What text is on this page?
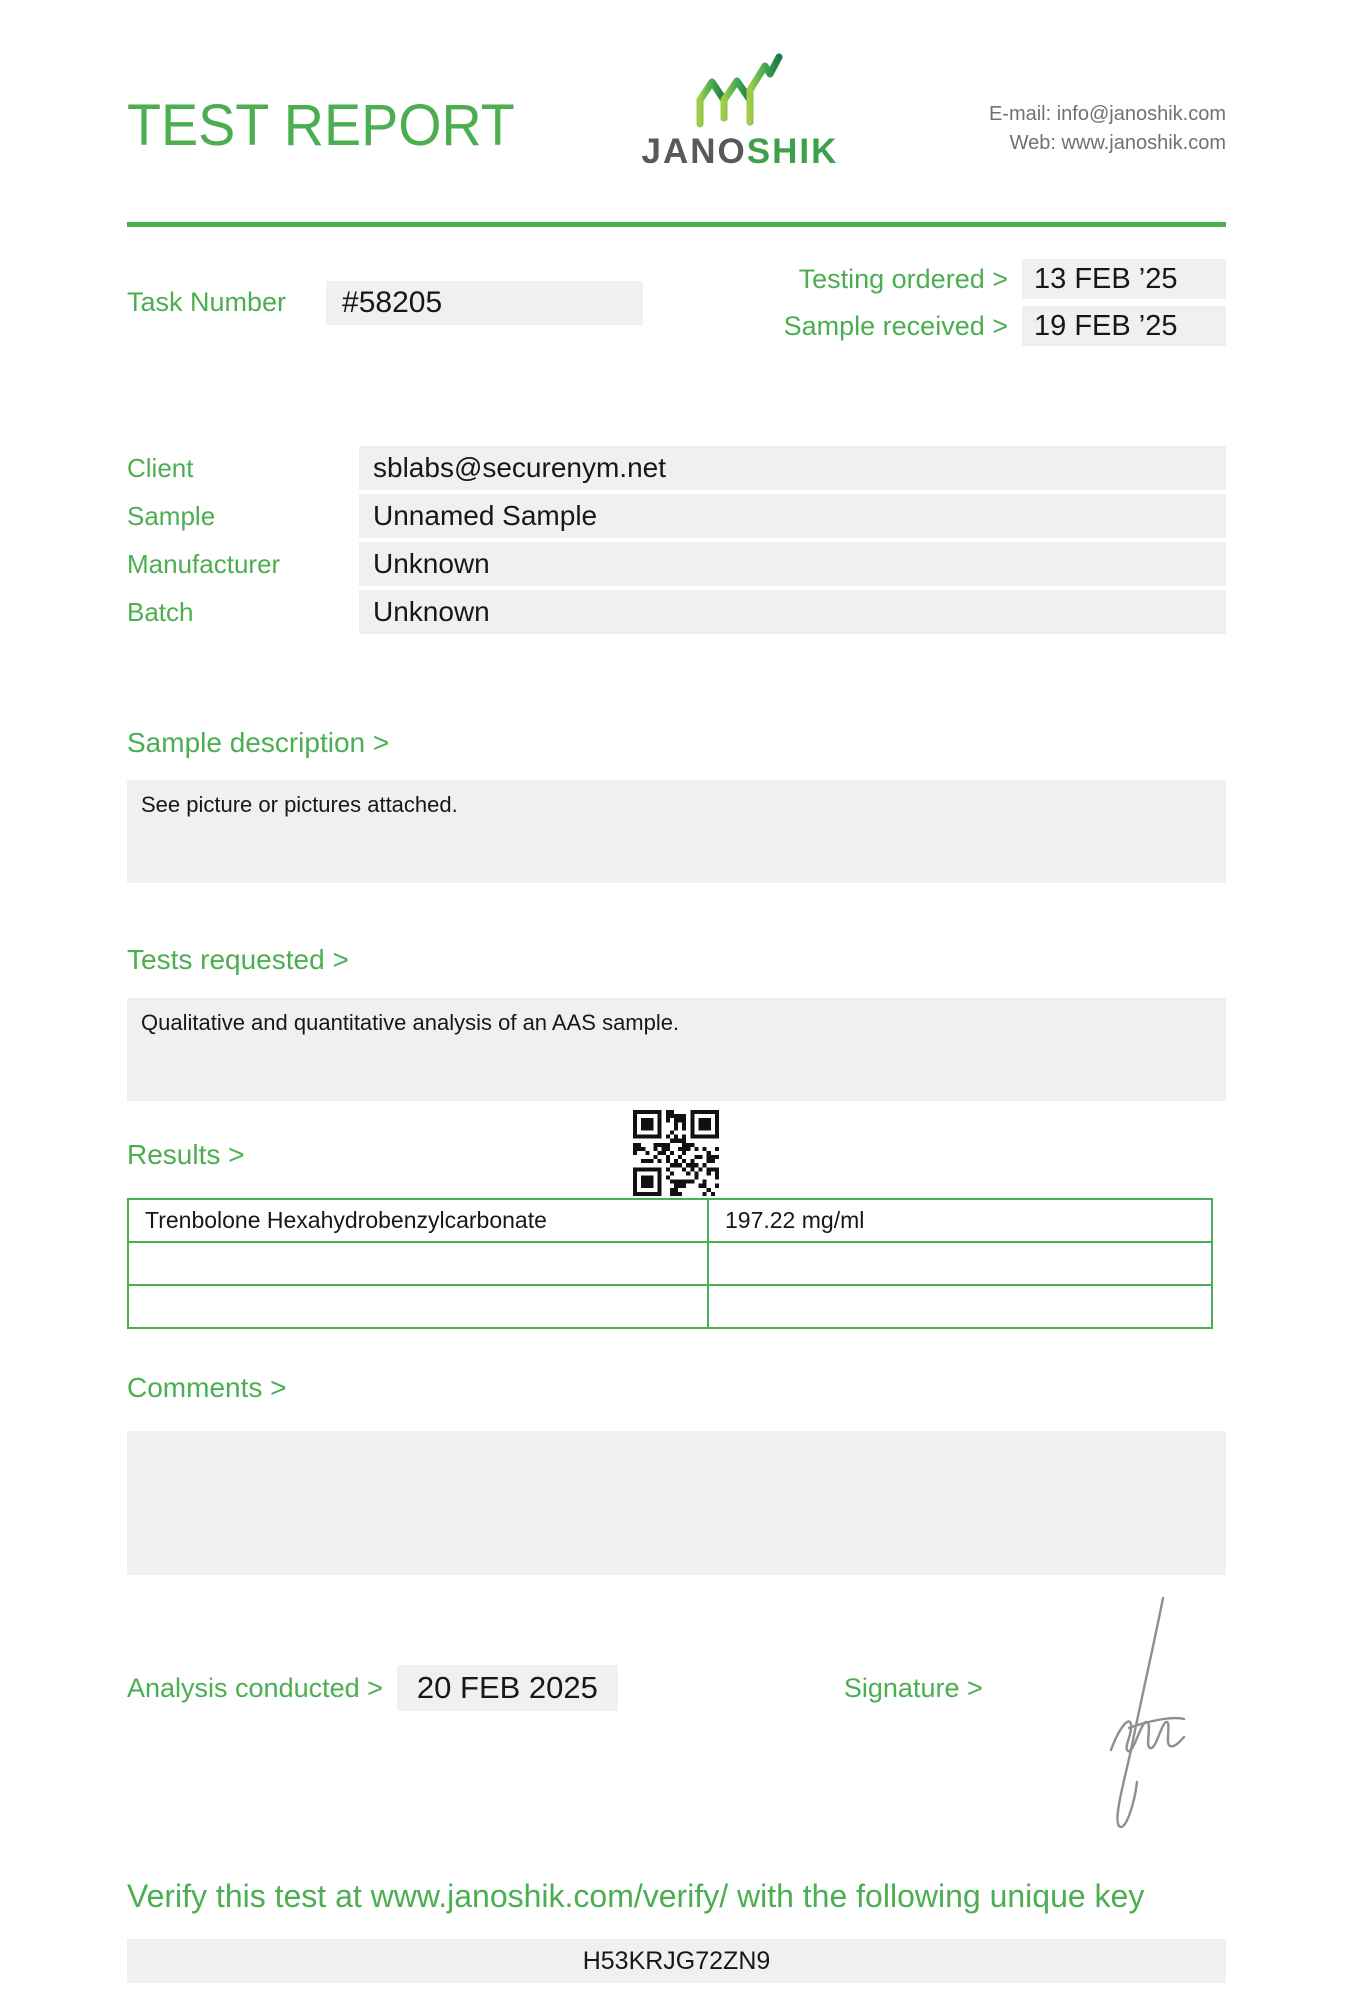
TEST REPORT	JANOSHIK
E-mail: info@janoshik.com
Web: www.janoshik.com
Task Number	#58205
Testing ordered > 13 FEB ’25
Sample received > 19 FEB ’25
Client	sblabs@securenym.net
Sample	Unnamed Sample
Manufacturer	Unknown
Batch	Unknown
Sample description >
See picture or pictures attached.
Tests requested >
Qualitative and quantitative analysis of an AAS sample.
Results >
Trenbolone Hexahydrobenzylcarbonate	197.22 mg/ml

Comments >
Analysis conducted >	20 FEB 2025	Signature >
Verify this test at www.janoshik.com/verify/ with the following unique key
H53KRJG72ZN9
